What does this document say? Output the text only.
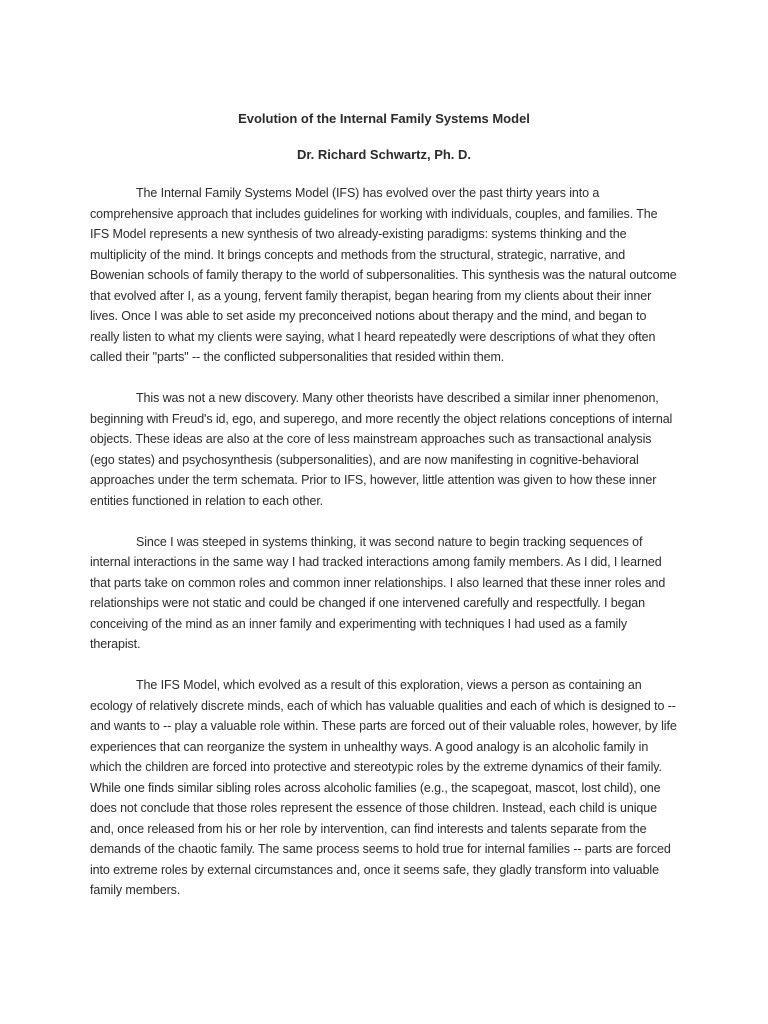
Evolution of the Internal Family Systems Model
Dr. Richard Schwartz, Ph. D.

The Internal Family Systems Model (IFS) has evolved over the past thirty years into a comprehensive approach that includes guidelines for working with individuals, couples, and families. The IFS Model represents a new synthesis of two already-existing paradigms: systems thinking and the multiplicity of the mind. It brings concepts and methods from the structural, strategic, narrative, and Bowenian schools of family therapy to the world of subpersonalities. This synthesis was the natural outcome that evolved after I, as a young, fervent family therapist, began hearing from my clients about their inner lives. Once I was able to set aside my preconceived notions about therapy and the mind, and began to really listen to what my clients were saying, what I heard repeatedly were descriptions of what they often called their "parts" -- the conflicted subpersonalities that resided within them.

This was not a new discovery. Many other theorists have described a similar inner phenomenon, beginning with Freud's id, ego, and superego, and more recently the object relations conceptions of internal objects. These ideas are also at the core of less mainstream approaches such as transactional analysis (ego states) and psychosynthesis (subpersonalities), and are now manifesting in cognitive-behavioral approaches under the term schemata. Prior to IFS, however, little attention was given to how these inner entities functioned in relation to each other.

Since I was steeped in systems thinking, it was second nature to begin tracking sequences of internal interactions in the same way I had tracked interactions among family members. As I did, I learned that parts take on common roles and common inner relationships. I also learned that these inner roles and relationships were not static and could be changed if one intervened carefully and respectfully. I began conceiving of the mind as an inner family and experimenting with techniques I had used as a family therapist.

The IFS Model, which evolved as a result of this exploration, views a person as containing an ecology of relatively discrete minds, each of which has valuable qualities and each of which is designed to -- and wants to -- play a valuable role within. These parts are forced out of their valuable roles, however, by life experiences that can reorganize the system in unhealthy ways. A good analogy is an alcoholic family in which the children are forced into protective and stereotypic roles by the extreme dynamics of their family. While one finds similar sibling roles across alcoholic families (e.g., the scapegoat, mascot, lost child), one does not conclude that those roles represent the essence of those children. Instead, each child is unique and, once released from his or her role by intervention, can find interests and talents separate from the demands of the chaotic family. The same process seems to hold true for internal families -- parts are forced into extreme roles by external circumstances and, once it seems safe, they gladly transform into valuable family members.
